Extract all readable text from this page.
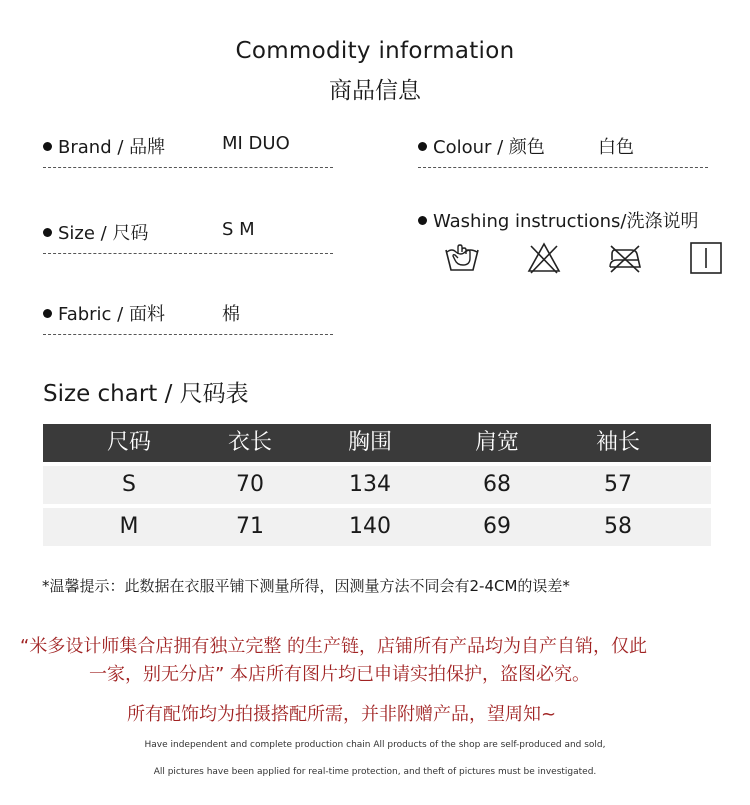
Commodity information
商品信息
Brand / 品牌	MI DUO
Size / 尺码	S M
Fabric / 面料	棉
Colour / 颜色	白色
Washing instructions/洗涤说明
Size chart / 尺码表
尺码	衣长	胸围	肩宽	袖长
S	70	134	68	57
M	71	140	69	58
*温馨提示：此数据在衣服平铺下测量所得，因测量方法不同会有2-4CM的误差*
“米多设计师集合店拥有独立完整 的生产链，店铺所有产品均为自产自销，仅此
一家，别无分店” 本店所有图片均已申请实拍保护，盗图必究。
所有配饰均为拍摄搭配所需，并非附赠产品，望周知~
Have independent and complete production chain All products of the shop are self-produced and sold,
All pictures have been applied for real-time protection, and theft of pictures must be investigated.
